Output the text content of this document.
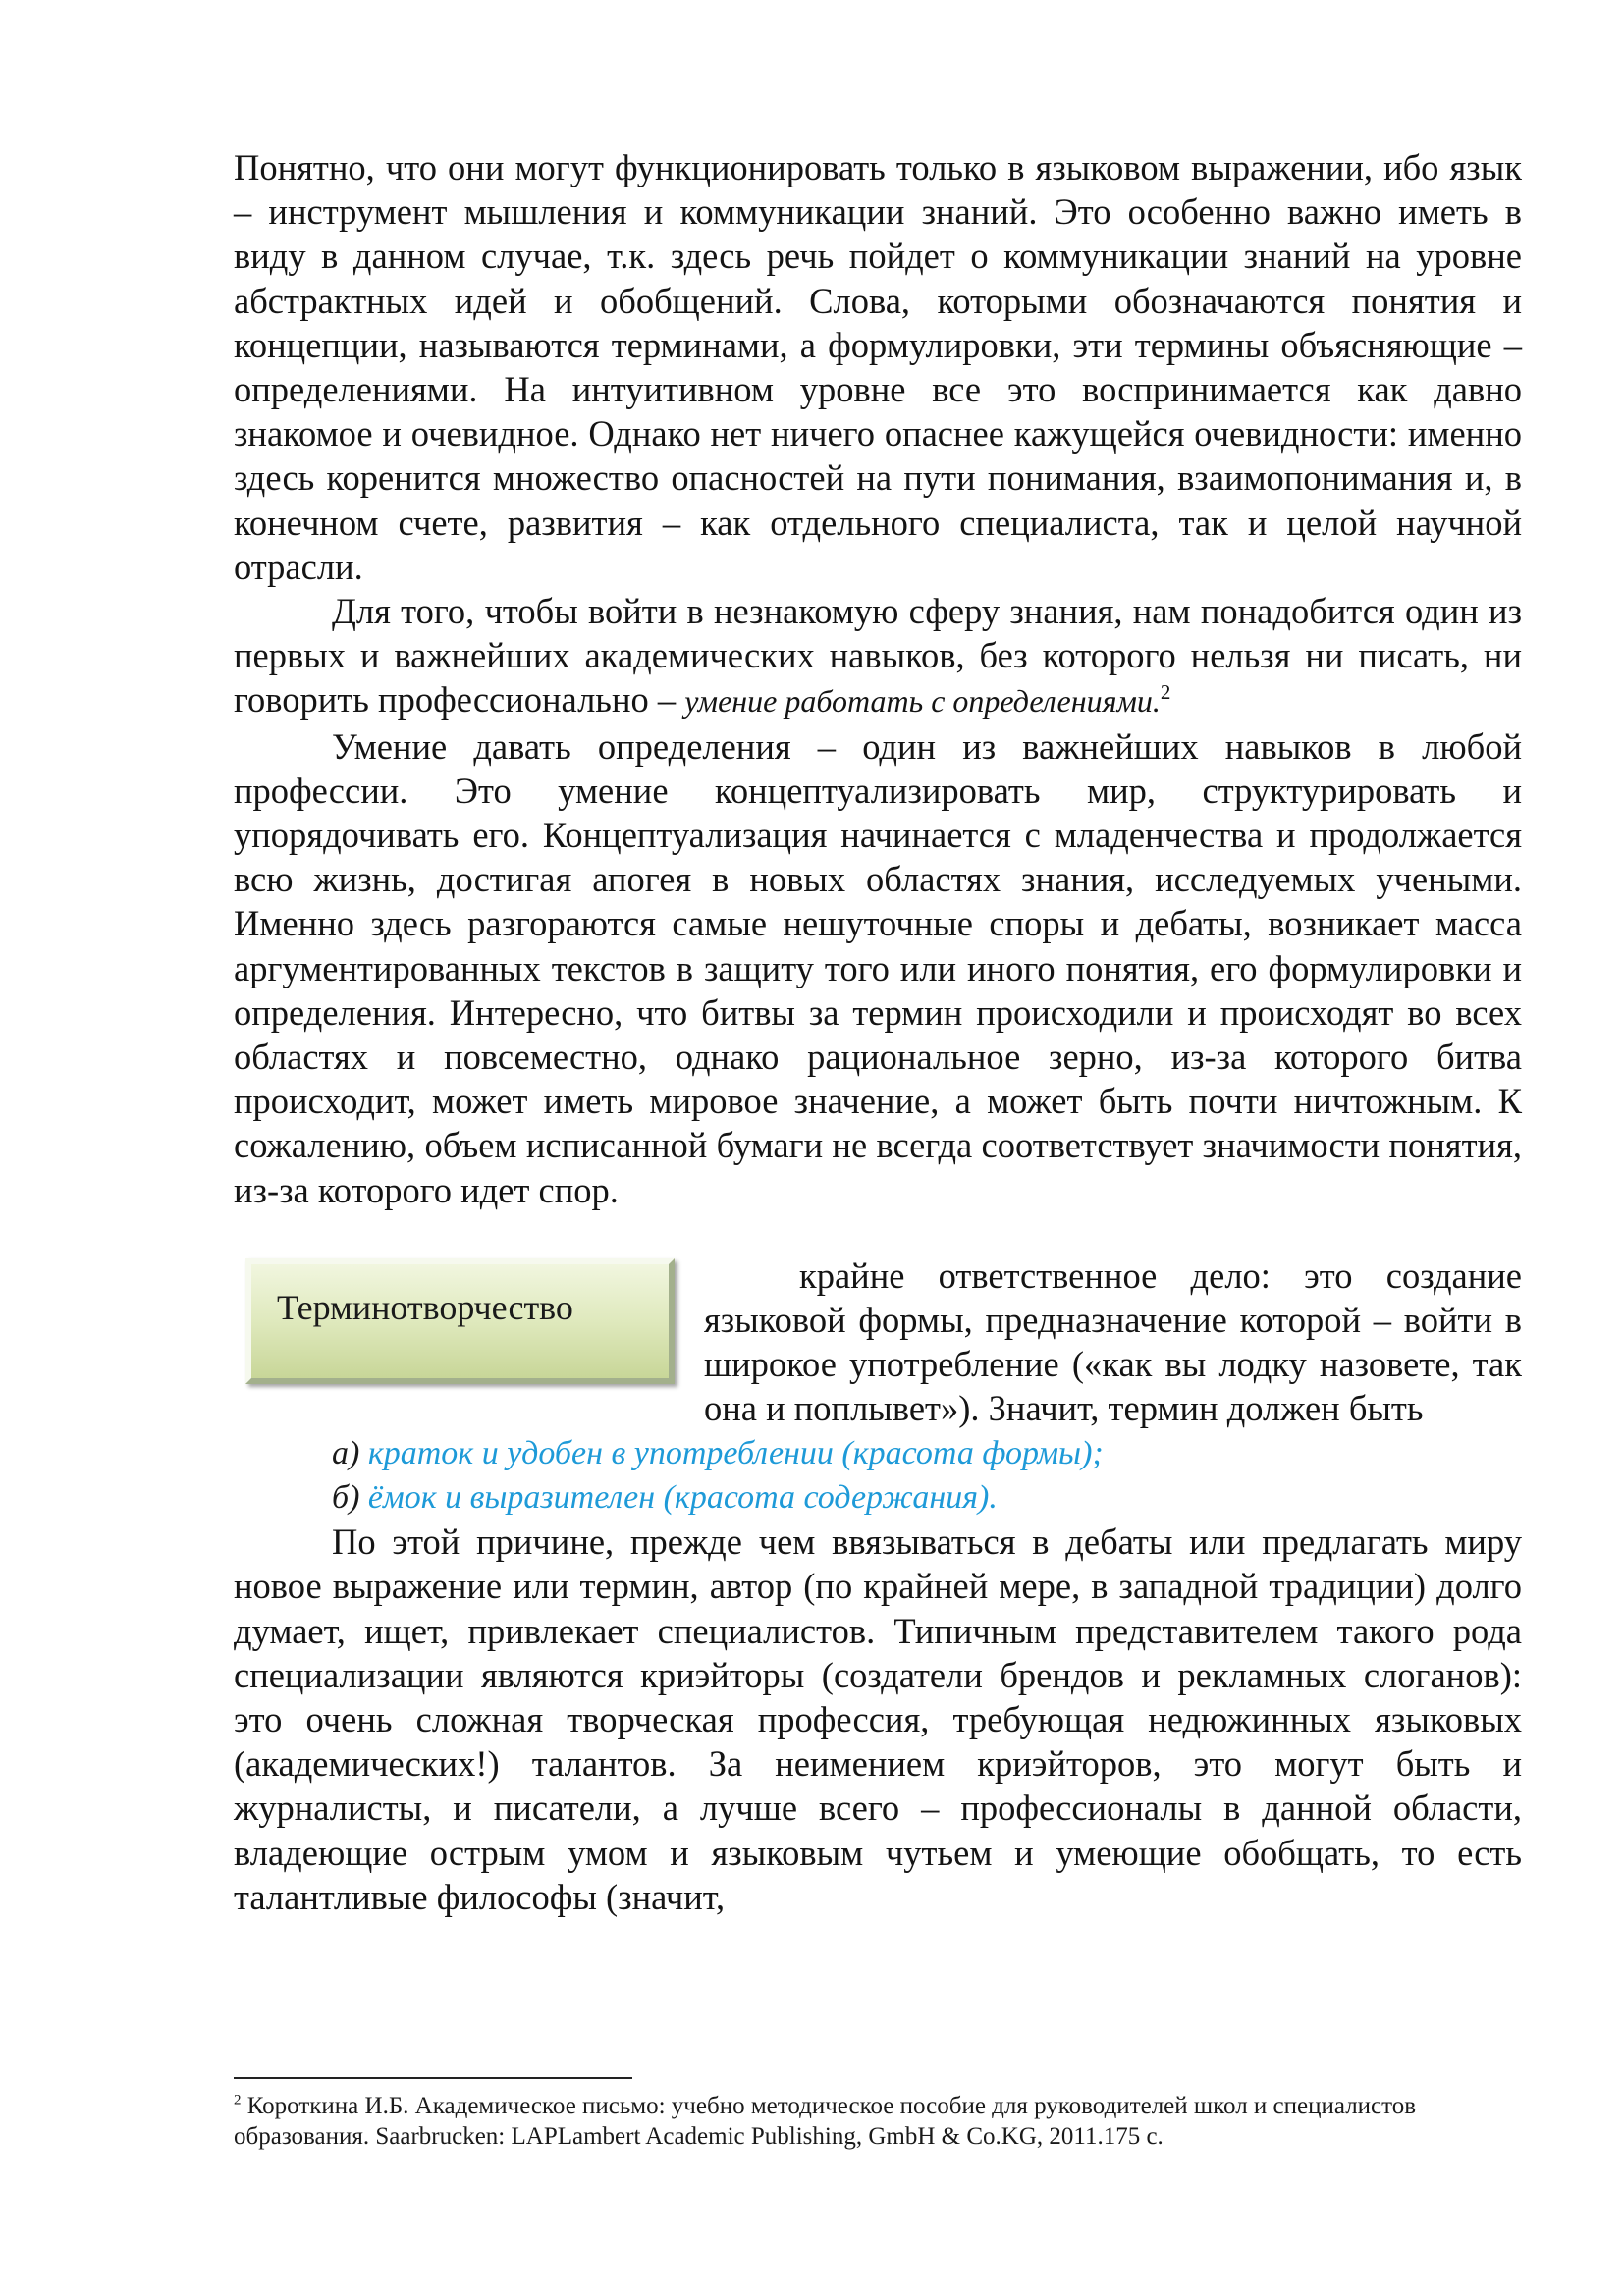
Понятно, что они могут функционировать только в языковом выражении, ибо язык – инструмент мышления и коммуникации знаний. Это особенно важно иметь в виду в данном случае, т.к. здесь речь пойдет о коммуникации знаний на уровне абстрактных идей и обобщений. Слова, которыми обозначаются понятия и концепции, называются терминами, а формулировки, эти термины объясняющие – определениями. На интуитивном уровне все это воспринимается как давно знакомое и очевидное. Однако нет ничего опаснее кажущейся очевидности: именно здесь коренится множество опасностей на пути понимания, взаимопонимания и, в конечном счете, развития – как отдельного специалиста, так и целой научной отрасли.

Для того, чтобы войти в незнакомую сферу знания, нам понадобится один из первых и важнейших академических навыков, без которого нельзя ни писать, ни говорить профессионально – умение работать с определениями.$^2$

Умение давать определения – один из важнейших навыков в любой профессии. Это умение концептуализировать мир, структурировать и упорядочивать его. Концептуализация начинается с младенчества и продолжается всю жизнь, достигая апогея в новых областях знания, исследуемых учеными. Именно здесь разгораются самые нешуточные споры и дебаты, возникает масса аргументированных текстов в защиту того или иного понятия, его формулировки и определения. Интересно, что битвы за термин происходили и происходят во всех областях и повсеместно, однако рациональное зерно, из-за которого битва происходит, может иметь мировое значение, а может быть почти ничтожным. К сожалению, объем исписанной бумаги не всегда соответствует значимости понятия, из-за которого идет спор.

Терминотворчество

крайне ответственное дело: это создание языковой формы, предназначение которой – войти в широкое употребление («как вы лодку назовете, так она и поплывет»). Значит, термин должен быть

а) краток и удобен в употреблении (красота формы);

б) ёмок и выразителен (красота содержания).

По этой причине, прежде чем ввязываться в дебаты или предлагать миру новое выражение или термин, автор (по крайней мере, в западной традиции) долго думает, ищет, привлекает специалистов. Типичным представителем такого рода специализации являются криэйторы (создатели брендов и рекламных слоганов): это очень сложная творческая профессия, требующая недюжинных языковых (академических!) талантов. За неимением криэйторов, это могут быть и журналисты, и писатели, а лучше всего – профессионалы в данной области, владеющие острым умом и языковым чутьем и умеющие обобщать, то есть талантливые философы (значит,

$^2$ Короткина И.Б. Академическое письмо: учебно методическое пособие для руководителей школ и специалистов образования. Saarbrucken: LAPLambert Academic Publishing, GmbH & Co.KG, 2011.175 с.
